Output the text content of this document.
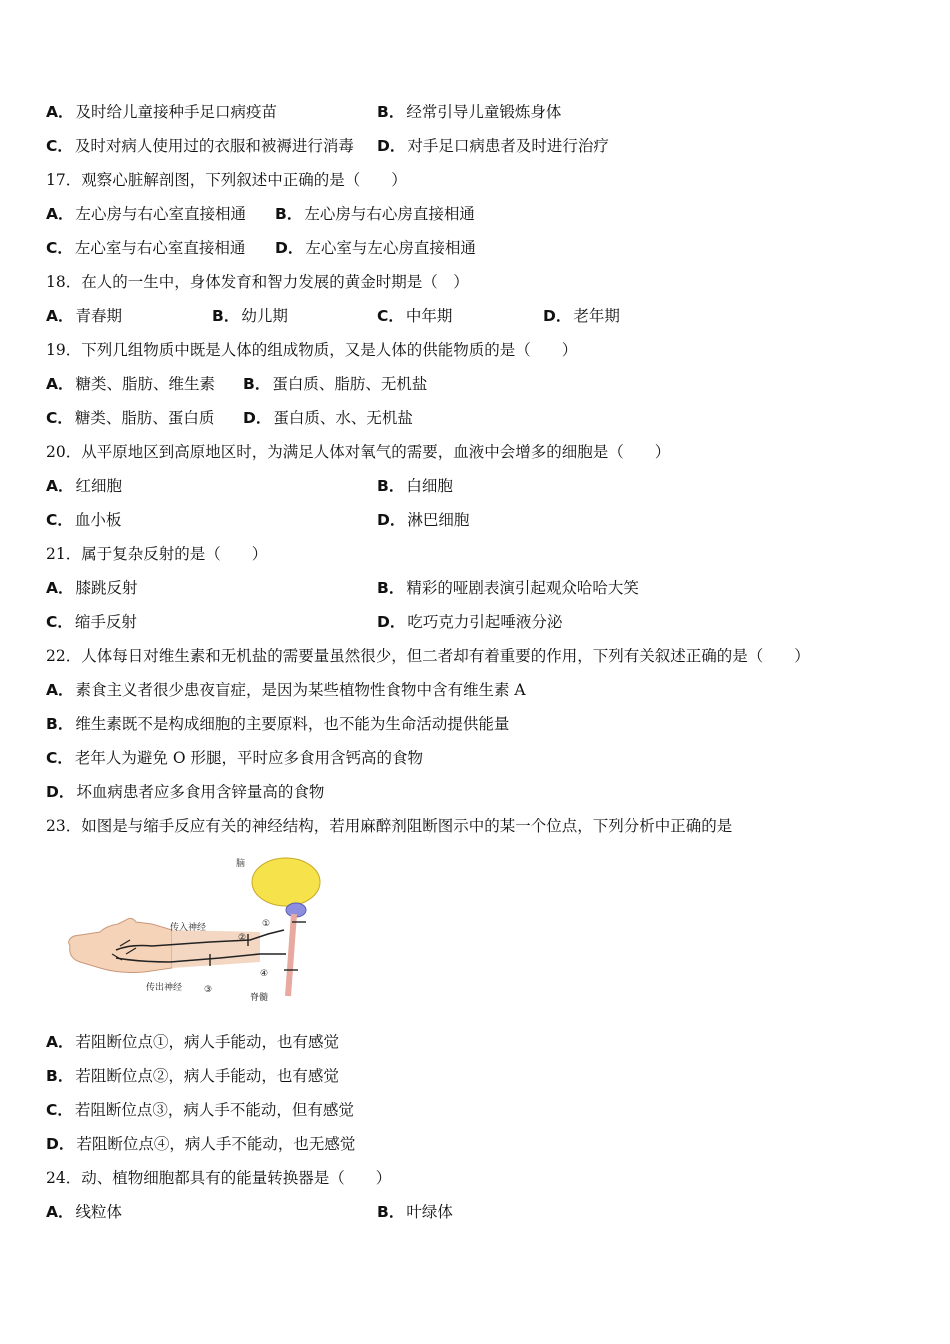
A． 及时给儿童接种手足口病疫苗	B． 经常引导儿童锻炼身体
C． 及时对病人使用过的衣服和被褥进行消毒 D． 对手足口病患者及时进行治疗
17．观察心脏解剖图，下列叙述中正确的是（　　）
A． 左心房与右心室直接相通 B． 左心房与右心房直接相通
C． 左心室与右心室直接相通 D． 左心室与左心房直接相通
18．在人的一生中，身体发育和智力发展的黄金时期是（　）
A． 青春期	B． 幼儿期	C． 中年期	D． 老年期
19．下列几组物质中既是人体的组成物质，又是人体的供能物质的是（　　）
A． 糖类、脂肪、维生素 B． 蛋白质、脂肪、无机盐
C． 糖类、脂肪、蛋白质 D． 蛋白质、水、无机盐
20．从平原地区到高原地区时，为满足人体对氧气的需要，血液中会增多的细胞是（　　）
A． 红细胞	B． 白细胞
C． 血小板	D． 淋巴细胞
21．属于复杂反射的是（　　）
A． 膝跳反射	B． 精彩的哑剧表演引起观众哈哈大笑
C． 缩手反射	D． 吃巧克力引起唾液分泌
22．人体每日对维生素和无机盐的需要量虽然很少，但二者却有着重要的作用，下列有关叙述正确的是（　　）
A． 素食主义者很少患夜盲症，是因为某些植物性食物中含有维生素 A
B． 维生素既不是构成细胞的主要原料，也不能为生命活动提供能量
C． 老年人为避免 O 形腿，平时应多食用含钙高的食物
D． 坏血病患者应多食用含锌量高的食物
23．如图是与缩手反应有关的神经结构，若用麻醉剂阻断图示中的某一个位点，下列分析中正确的是
脑
传入神经
传出神经
脊髓
①
②
③
④
A． 若阻断位点①，病人手能动，也有感觉
B． 若阻断位点②，病人手能动，也有感觉
C． 若阻断位点③，病人手不能动，但有感觉
D． 若阻断位点④，病人手不能动，也无感觉
24．动、植物细胞都具有的能量转换器是（　　）
A． 线粒体	B． 叶绿体
